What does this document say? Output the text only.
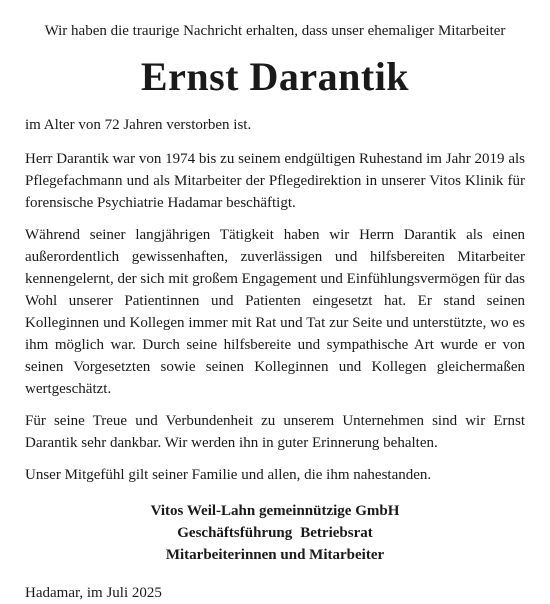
Wir haben die traurige Nachricht erhalten, dass unser ehemaliger Mitarbeiter

Ernst Darantik

im Alter von 72 Jahren verstorben ist.

Herr Darantik war von 1974 bis zu seinem endgültigen Ruhestand im Jahr 2019 als Pflegefachmann und als Mitarbeiter der Pflegedirektion in unserer Vitos Klinik für forensische Psychiatrie Hadamar beschäftigt.

Während seiner langjährigen Tätigkeit haben wir Herrn Darantik als einen außerordentlich gewissenhaften, zuverlässigen und hilfsbereiten Mitarbeiter kennengelernt, der sich mit großem Engagement und Einfühlungsvermögen für das Wohl unserer Patientinnen und Patienten eingesetzt hat. Er stand seinen Kolleginnen und Kollegen immer mit Rat und Tat zur Seite und unterstützte, wo es ihm möglich war. Durch seine hilfsbereite und sympathische Art wurde er von seinen Vorgesetzten sowie seinen Kolleginnen und Kollegen gleichermaßen wertgeschätzt.

Für seine Treue und Verbundenheit zu unserem Unternehmen sind wir Ernst Darantik sehr dankbar. Wir werden ihn in guter Erinnerung behalten.

Unser Mitgefühl gilt seiner Familie und allen, die ihm nahestanden.

Vitos Weil-Lahn gemeinnützige GmbH
Geschäftsführung Betriebsrat
Mitarbeiterinnen und Mitarbeiter
Hadamar, im Juli 2025
